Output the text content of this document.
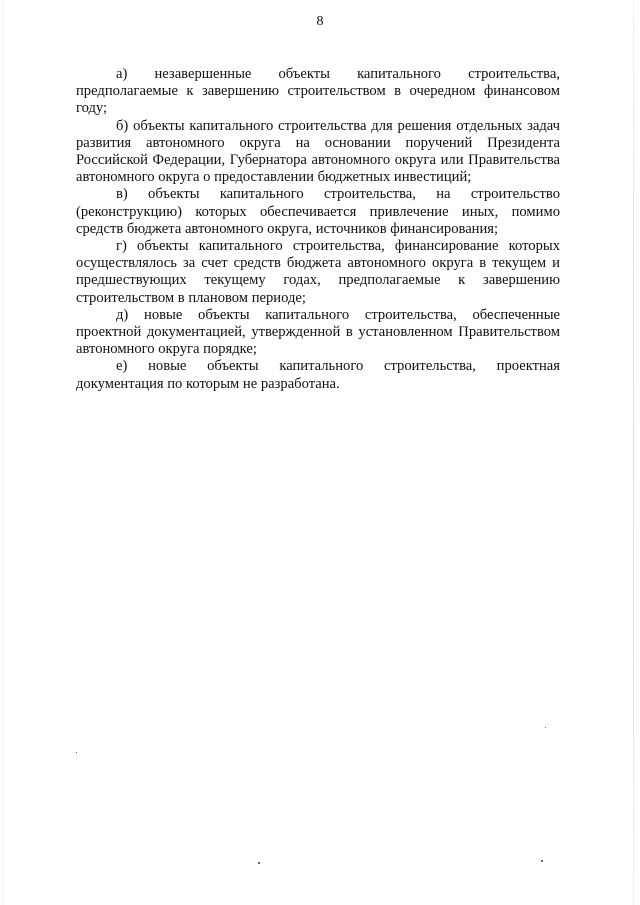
8

а) незавершенные объекты капитального строительства, предполагаемые к завершению строительством в очередном финансовом году;

б) объекты капитального строительства для решения отдельных задач развития автономного округа на основании поручений Президента Российской Федерации, Губернатора автономного округа или Правительства автономного округа о предоставлении бюджетных инвестиций;

в) объекты капитального строительства, на строительство (реконструкцию) которых обеспечивается привлечение иных, помимо средств бюджета автономного округа, источников финансирования;

г) объекты капитального строительства, финансирование которых осуществлялось за счет средств бюджета автономного округа в текущем и предшествующих текущему годах, предполагаемые к завершению строительством в плановом периоде;

д) новые объекты капитального строительства, обеспеченные проектной документацией, утвержденной в установленном Правительством автономного округа порядке;

е) новые объекты капитального строительства, проектная документация по которым не разработана.
